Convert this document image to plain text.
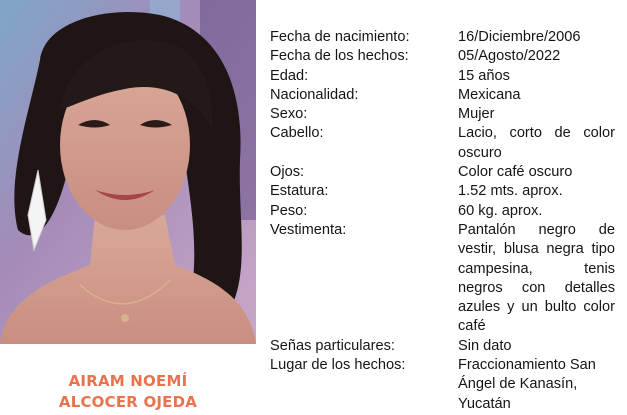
AIRAM NOEMÍ
ALCOCER OJEDA
Fecha de nacimiento:	16/Diciembre/2006
Fecha de los hechos:	05/Agosto/2022
Edad:	15 años
Nacionalidad:	Mexicana
Sexo:	Mujer
Cabello:	Lacio, corto de color oscuro
Ojos:	Color café oscuro
Estatura:	1.52 mts. aprox.
Peso:	60 kg. aprox.
Vestimenta:	Pantalón negro de vestir, blusa negra tipo campesina, tenis negros con detalles azules y un bulto color café
Señas particulares:	Sin dato
Lugar de los hechos:	Fraccionamiento San Ángel de Kanasín, Yucatán
